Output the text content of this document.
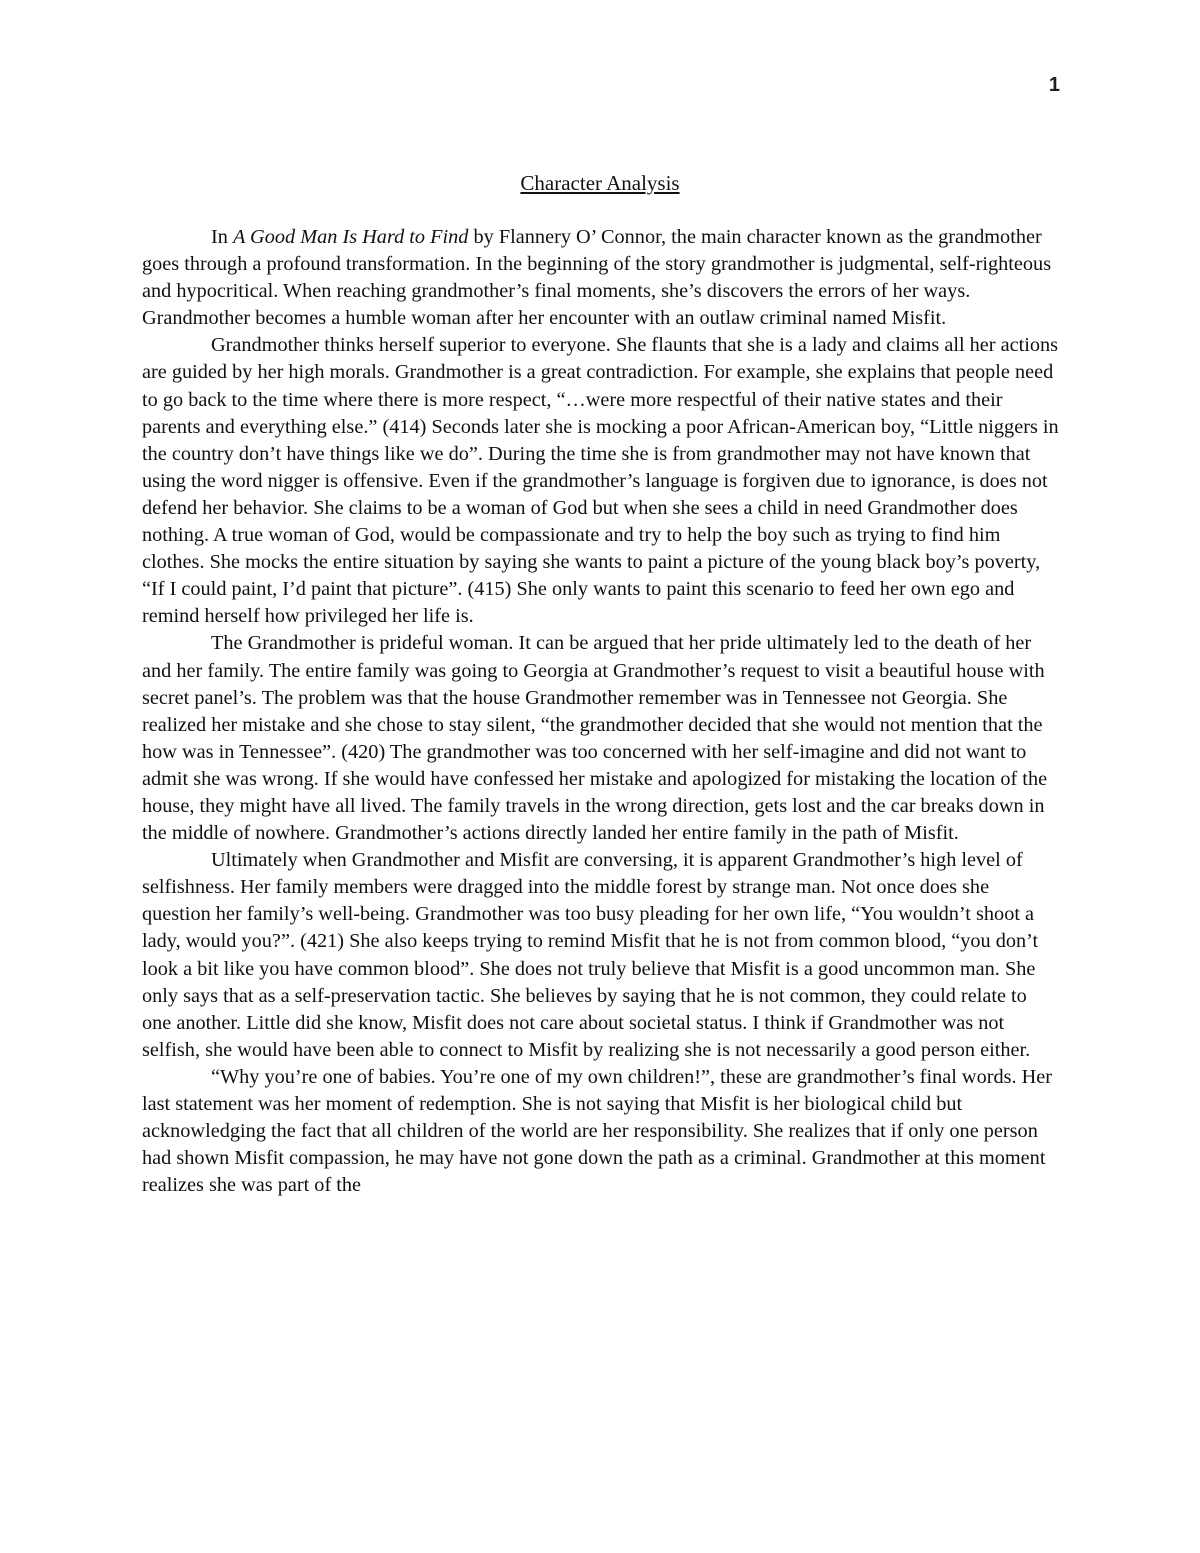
1
Character Analysis

In A Good Man Is Hard to Find by Flannery O’ Connor, the main character known as the grandmother goes through a profound transformation. In the beginning of the story grandmother is judgmental, self-righteous and hypocritical. When reaching grandmother’s final moments, she’s discovers the errors of her ways. Grandmother becomes a humble woman after her encounter with an outlaw criminal named Misfit.

Grandmother thinks herself superior to everyone. She flaunts that she is a lady and claims all her actions are guided by her high morals. Grandmother is a great contradiction. For example, she explains that people need to go back to the time where there is more respect, “…were more respectful of their native states and their parents and everything else.” (414) Seconds later she is mocking a poor African-American boy, “Little niggers in the country don’t have things like we do”. During the time she is from grandmother may not have known that using the word nigger is offensive. Even if the grandmother’s language is forgiven due to ignorance, is does not defend her behavior. She claims to be a woman of God but when she sees a child in need Grandmother does nothing. A true woman of God, would be compassionate and try to help the boy such as trying to find him clothes. She mocks the entire situation by saying she wants to paint a picture of the young black boy’s poverty, “If I could paint, I’d paint that picture”. (415) She only wants to paint this scenario to feed her own ego and remind herself how privileged her life is.

The Grandmother is prideful woman. It can be argued that her pride ultimately led to the death of her and her family. The entire family was going to Georgia at Grandmother’s request to visit a beautiful house with secret panel’s. The problem was that the house Grandmother remember was in Tennessee not Georgia. She realized her mistake and she chose to stay silent, “the grandmother decided that she would not mention that the how was in Tennessee”. (420) The grandmother was too concerned with her self-imagine and did not want to admit she was wrong. If she would have confessed her mistake and apologized for mistaking the location of the house, they might have all lived. The family travels in the wrong direction, gets lost and the car breaks down in the middle of nowhere. Grandmother’s actions directly landed her entire family in the path of Misfit.

Ultimately when Grandmother and Misfit are conversing, it is apparent Grandmother’s high level of selfishness. Her family members were dragged into the middle forest by strange man. Not once does she question her family’s well-being. Grandmother was too busy pleading for her own life, “You wouldn’t shoot a lady, would you?”. (421) She also keeps trying to remind Misfit that he is not from common blood, “you don’t look a bit like you have common blood”. She does not truly believe that Misfit is a good uncommon man. She only says that as a self-preservation tactic. She believes by saying that he is not common, they could relate to one another. Little did she know, Misfit does not care about societal status. I think if Grandmother was not selfish, she would have been able to connect to Misfit by realizing she is not necessarily a good person either.

“Why you’re one of babies. You’re one of my own children!”, these are grandmother’s final words. Her last statement was her moment of redemption. She is not saying that Misfit is her biological child but acknowledging the fact that all children of the world are her responsibility. She realizes that if only one person had shown Misfit compassion, he may have not gone down the path as a criminal. Grandmother at this moment realizes she was part of the
